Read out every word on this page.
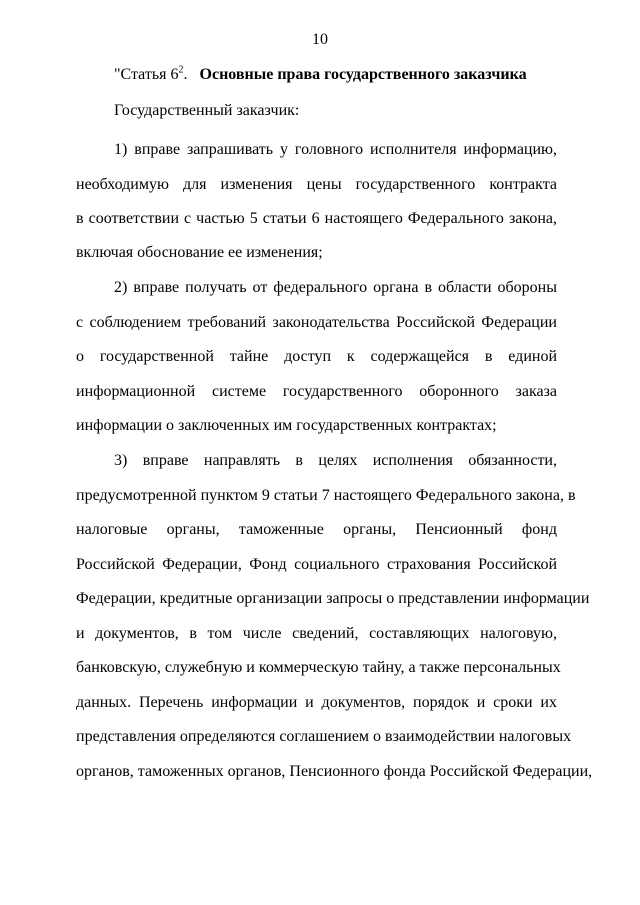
10
"Статья $6^2$. Основные права государственного заказчика
Государственный заказчик:
1) вправе запрашивать у головного исполнителя информацию,
необходимую для изменения цены государственного контракта
в соответствии с частью 5 статьи 6 настоящего Федерального закона,
включая обоснование ее изменения;
2) вправе получать от федерального органа в области обороны
с соблюдением требований законодательства Российской Федерации
о государственной тайне доступ к содержащейся в единой
информационной системе государственного оборонного заказа
информации о заключенных им государственных контрактах;
3) вправе направлять в целях исполнения обязанности,
предусмотренной пунктом 9 статьи 7 настоящего Федерального закона, в
налоговые органы, таможенные органы, Пенсионный фонд
Российской Федерации, Фонд социального страхования Российской
Федерации, кредитные организации запросы о представлении информации
и документов, в том числе сведений, составляющих налоговую,
банковскую, служебную и коммерческую тайну, а также персональных
данных. Перечень информации и документов, порядок и сроки их
представления определяются соглашением о взаимодействии налоговых
органов, таможенных органов, Пенсионного фонда Российской Федерации,
